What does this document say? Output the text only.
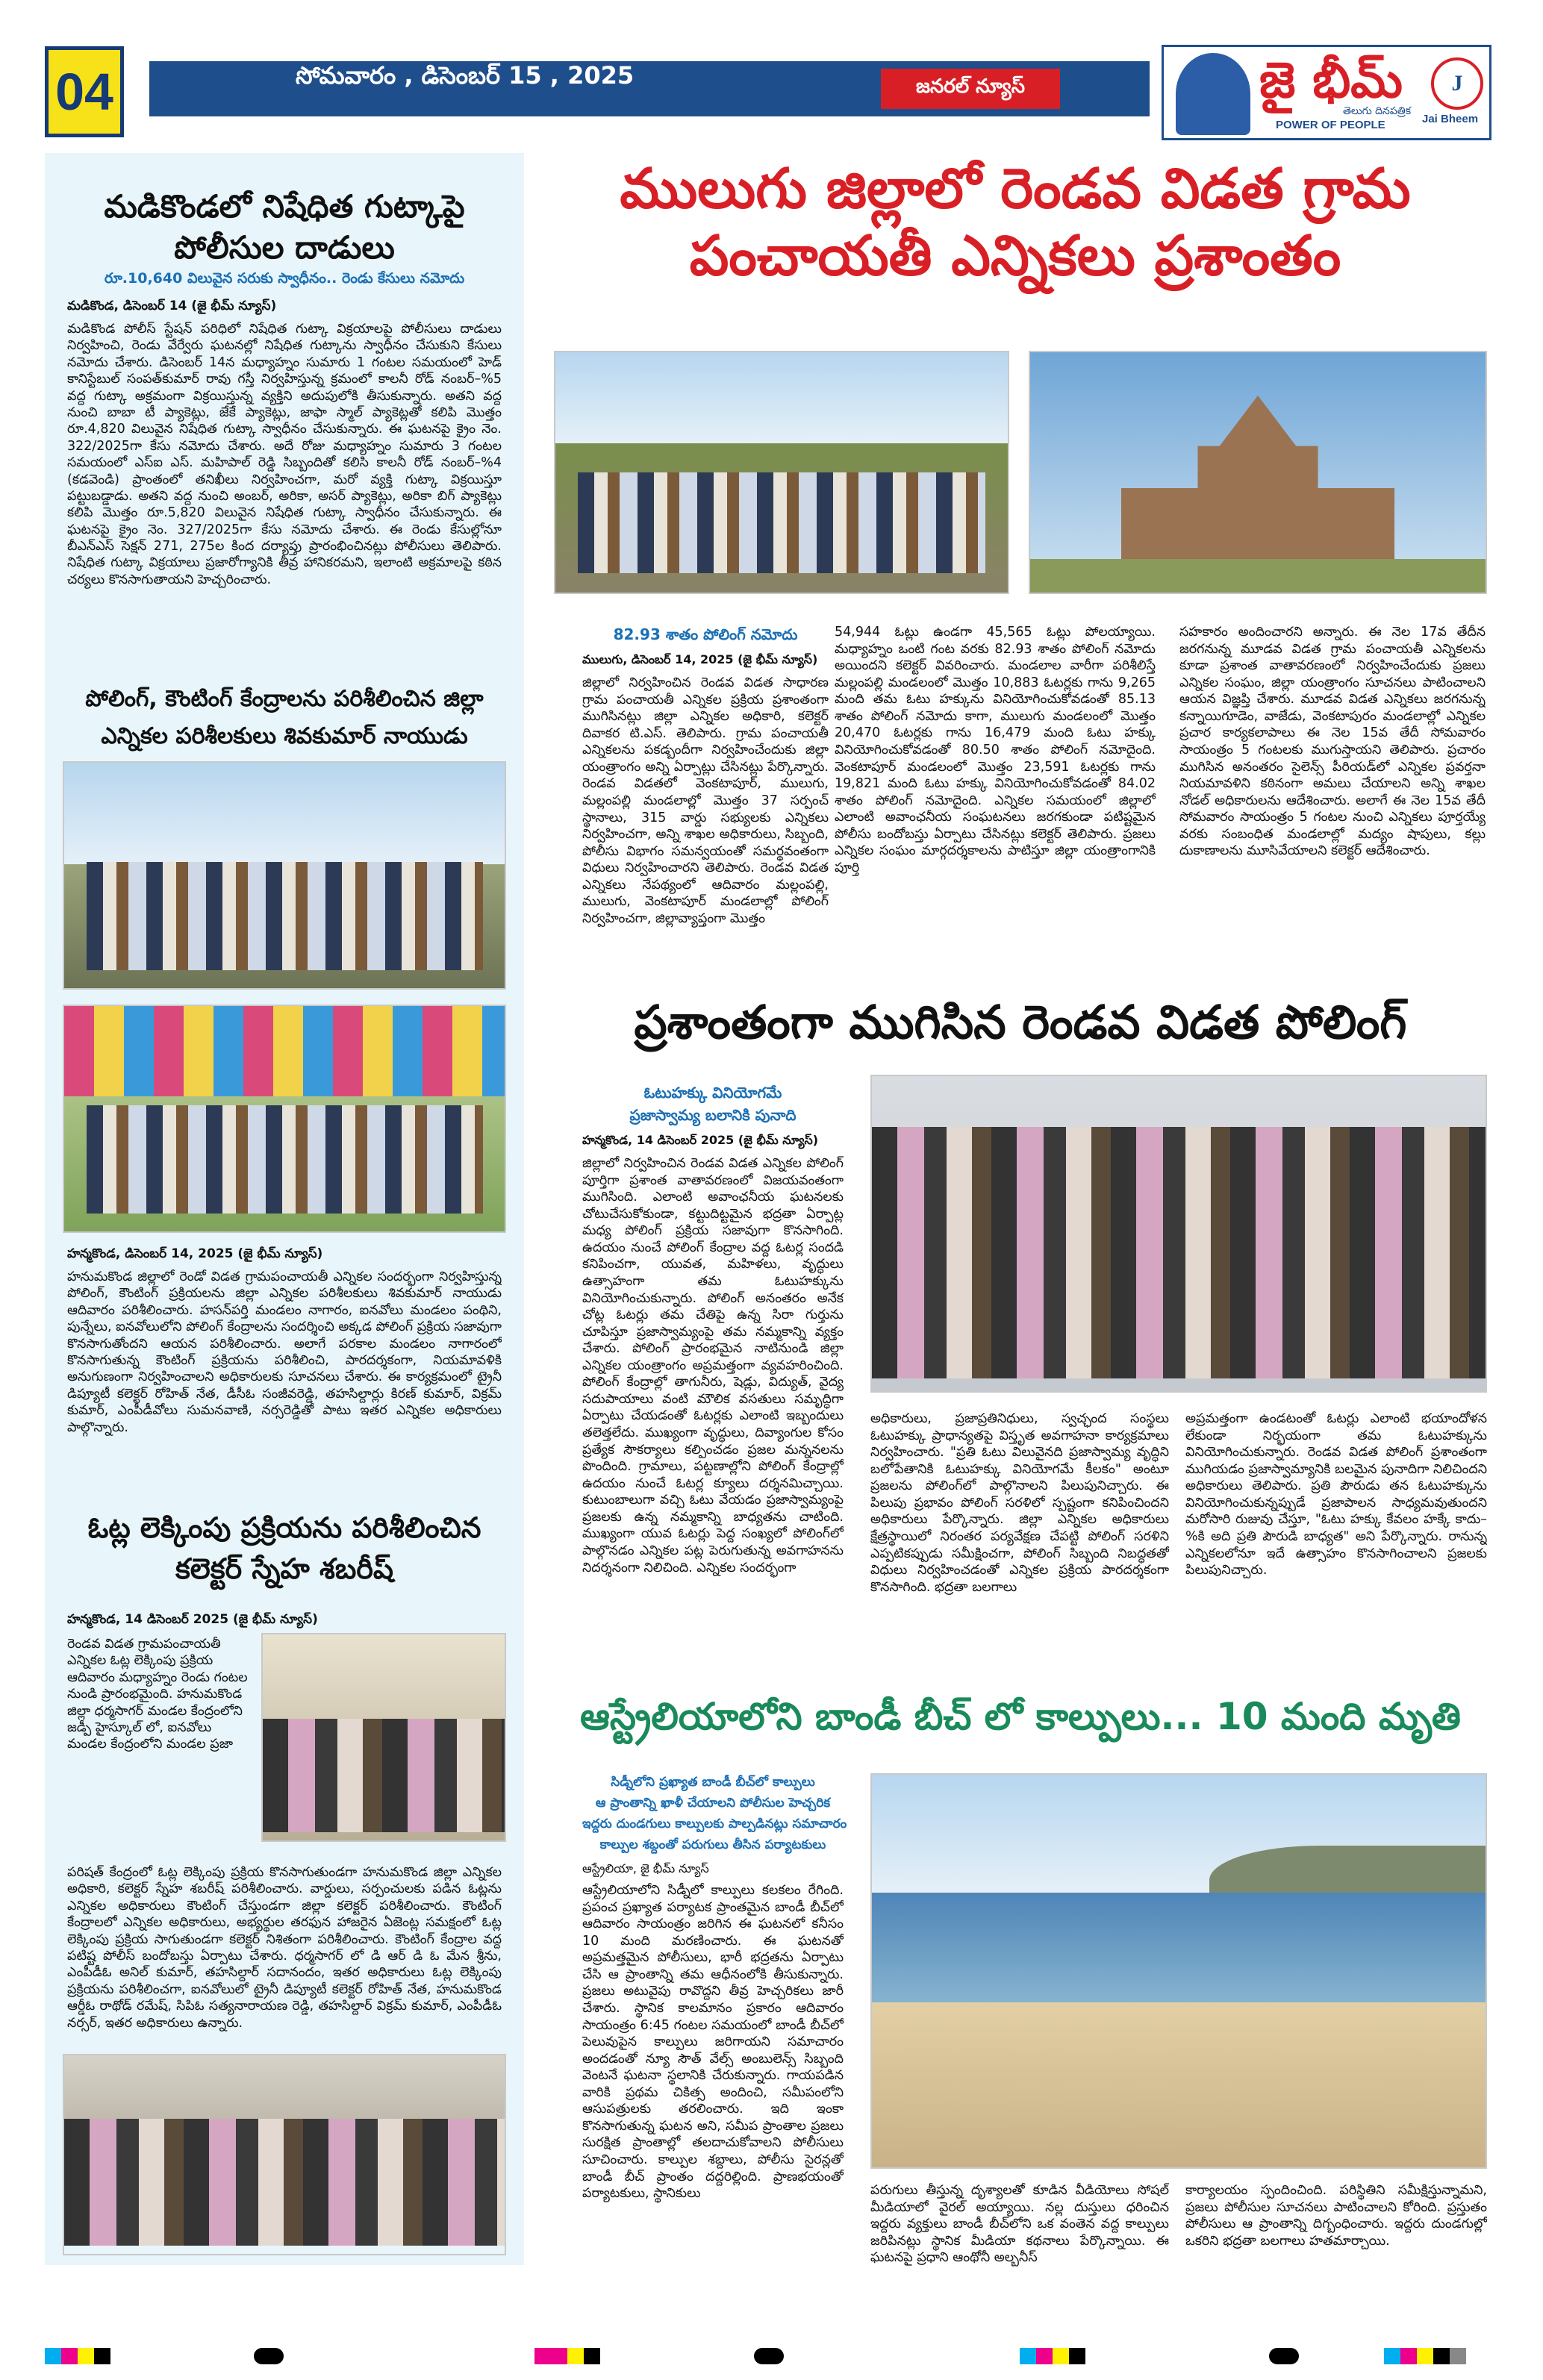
04	సోమవారం , డిసెంబర్ 15 , 2025	జనరల్ న్యూస్	జై భీమ్
తెలుగు దినపత్రిక
POWER OF PEOPLE
J
Jai Bheem
మడికొండలో నిషేధిత గుట్కాపై పోలీసుల దాడులు
రూ.10,640 విలువైన సరుకు స్వాధీనం.. రెండు కేసులు నమోదు
మడికొండ, డిసెంబర్ 14 (జై భీమ్ న్యూస్)
మడికొండ పోలీస్ స్టేషన్ పరిధిలో నిషేధిత గుట్కా విక్రయాలపై పోలీసులు దాడులు నిర్వహించి, రెండు వేర్వేరు ఘటనల్లో నిషేధిత గుట్కాను స్వాధీనం చేసుకుని కేసులు నమోదు చేశారు. డిసెంబర్ 14న మధ్యాహ్నం సుమారు 1 గంటల సమయంలో హెడ్ కానిస్టేబుల్ సంపత్‌కుమార్ రావు గస్తీ నిర్వహిస్తున్న క్రమంలో కాలనీ రోడ్ నంబర్–%5 వద్ద గుట్కా అక్రమంగా విక్రయిస్తున్న వ్యక్తిని అదుపులోకి తీసుకున్నారు. అతని వద్ద నుంచి బాబా టీ ప్యాకెట్లు, జేకే ప్యాకెట్లు, జాఫా స్మాల్ ప్యాకెట్లతో కలిపి మొత్తం రూ.4,820 విలువైన నిషేధిత గుట్కా స్వాధీనం చేసుకున్నారు. ఈ ఘటనపై క్రైం నెం. 322/2025గా కేసు నమోదు చేశారు. అదే రోజు మధ్యాహ్నం సుమారు 3 గంటల సమయంలో ఎస్ఐ ఎస్. మహిపాల్ రెడ్డి సిబ్బందితో కలిసి కాలనీ రోడ్ నంబర్–%4 (కడవెండి) ప్రాంతంలో తనిఖీలు నిర్వహించగా, మరో వ్యక్తి గుట్కా విక్రయిస్తూ పట్టుబడ్డాడు. అతని వద్ద నుంచి అంబర్, అరికా, అసర్ ప్యాకెట్లు, అరికా బిగ్ ప్యాకెట్లు కలిపి మొత్తం రూ.5,820 విలువైన నిషేధిత గుట్కా స్వాధీనం చేసుకున్నారు. ఈ ఘటనపై క్రైం నెం. 327/2025గా కేసు నమోదు చేశారు. ఈ రెండు కేసుల్లోనూ బీఎన్ఎస్ సెక్షన్ 271, 275ల కింద దర్యాప్తు ప్రారంభించినట్లు పోలీసులు తెలిపారు. నిషేధిత గుట్కా విక్రయాలు ప్రజారోగ్యానికి తీవ్ర హానికరమని, ఇలాంటి అక్రమాలపై కఠిన చర్యలు కొనసాగుతాయని హెచ్చరించారు.
పోలింగ్, కౌంటింగ్ కేంద్రాలను పరిశీలించిన జిల్లా ఎన్నికల పరిశీలకులు శివకుమార్ నాయుడు
హన్మకొండ, డిసెంబర్ 14, 2025 (జై భీమ్ న్యూస్)
హనుమకొండ జిల్లాలో రెండో విడత గ్రామపంచాయతీ ఎన్నికల సందర్భంగా నిర్వహిస్తున్న పోలింగ్, కౌంటింగ్ ప్రక్రియలను జిల్లా ఎన్నికల పరిశీలకులు శివకుమార్ నాయుడు ఆదివారం పరిశీలించారు. హసన్‌పర్తి మండలం నాగారం, ఐనవోలు మండలం పంథిని, పున్నేలు, ఐనవోలులోని పోలింగ్ కేంద్రాలను సందర్శించి అక్కడ పోలింగ్ ప్రక్రియ సజావుగా కొనసాగుతోందని ఆయన పరిశీలించారు. అలాగే పరకాల మండలం నాగారంలో కొనసాగుతున్న కౌంటింగ్ ప్రక్రియను పరిశీలించి, పారదర్శకంగా, నియమావళికి అనుగుణంగా నిర్వహించాలని అధికారులకు సూచనలు చేశారు. ఈ కార్యక్రమంలో ట్రైనీ డిప్యూటీ కలెక్టర్ రోహిత్ నేత, డీసీఓ సంజీవరెడ్డి, తహసిల్దార్లు కిరణ్ కుమార్, విక్రమ్ కుమార్, ఎంపీడీవోలు సుమనవాణి, నర్సరెడ్డితో పాటు ఇతర ఎన్నికల అధికారులు పాల్గొన్నారు.
ఓట్ల లెక్కింపు ప్రక్రియను పరిశీలించిన కలెక్టర్ స్నేహ శబరీష్
హన్మకొండ, 14 డిసెంబర్ 2025 (జై భీమ్ న్యూస్)
రెండవ విడత గ్రామపంచాయతీ ఎన్నికల ఓట్ల లెక్కింపు ప్రక్రియ ఆదివారం మధ్యాహ్నం రెండు గంటల నుండి ప్రారంభమైంది. హనుమకొండ జిల్లా ధర్మసాగర్ మండల కేంద్రంలోని జడ్పీ హైస్కూల్ లో, ఐనవోలు మండల కేంద్రంలోని మండల ప్రజా
పరిషత్ కేంద్రంలో ఓట్ల లెక్కింపు ప్రక్రియ కొనసాగుతుండగా హనుమకొండ జిల్లా ఎన్నికల అధికారి, కలెక్టర్ స్నేహ శబరీష్ పరిశీలించారు. వార్డులు, సర్పంచులకు పడిన ఓట్లను ఎన్నికల అధికారులు కౌంటింగ్ చేస్తుండగా జిల్లా కలెక్టర్ పరిశీలించారు. కౌంటింగ్ కేంద్రాలలో ఎన్నికల అధికారులు, అభ్యర్థుల తరఫున హాజరైన ఏజెంట్ల సమక్షంలో ఓట్ల లెక్కింపు ప్రక్రియ సాగుతుండగా కలెక్టర్ నిశితంగా పరిశీలించారు. కౌంటింగ్ కేంద్రాల వద్ద పటిష్ట పోలీస్ బందోబస్తు ఏర్పాటు చేశారు. ధర్మసాగర్ లో డి ఆర్ డి ఓ మేన శ్రీను, ఎంపీడీఓ అనిల్ కుమార్, తహసిల్దార్ సదానందం, ఇతర అధికారులు ఓట్ల లెక్కింపు ప్రక్రియను పరిశీలించగా, ఐనవోలులో ట్రైనీ డిప్యూటీ కలెక్టర్ రోహిత్ నేత, హనుమకొండ ఆర్డీఓ రాథోడ్ రమేష్, సిపిఓ సత్యనారాయణ రెడ్డి, తహసిల్దార్ విక్రమ్ కుమార్, ఎంపీడీఓ నర్సర్, ఇతర అధికారులు ఉన్నారు.
ములుగు జిల్లాలో రెండవ విడత గ్రామ పంచాయతీ ఎన్నికలు ప్రశాంతం
82.93 శాతం పోలింగ్ నమోదు
ములుగు, డిసెంబర్ 14, 2025 (జై భీమ్ న్యూస్)
జిల్లాలో నిర్వహించిన రెండవ విడత సాధారణ గ్రామ పంచాయతీ ఎన్నికల ప్రక్రియ ప్రశాంతంగా ముగిసినట్లు జిల్లా ఎన్నికల అధికారి, కలెక్టర్ దివాకర టి.ఎస్. తెలిపారు. గ్రామ పంచాయతీ ఎన్నికలను పకడ్బందీగా నిర్వహించేందుకు జిల్లా యంత్రాంగం అన్ని ఏర్పాట్లు చేసినట్లు పేర్కొన్నారు. రెండవ విడతలో వెంకటాపూర్, ములుగు, మల్లంపల్లి మండలాల్లో మొత్తం 37 సర్పంచ్ స్థానాలు, 315 వార్డు సభ్యులకు ఎన్నికలు నిర్వహించగా, అన్ని శాఖల అధికారులు, సిబ్బంది, పోలీసు విభాగం సమన్వయంతో సమర్థవంతంగా విధులు నిర్వహించారని తెలిపారు. రెండవ విడత ఎన్నికలు నేపథ్యంలో ఆదివారం మల్లంపల్లి, ములుగు, వెంకటాపూర్ మండలాల్లో పోలింగ్ నిర్వహించగా, జిల్లావ్యాప్తంగా మొత్తం
54,944 ఓట్లు ఉండగా 45,565 ఓట్లు పోలయ్యాయి. మధ్యాహ్నం ఒంటి గంట వరకు 82.93 శాతం పోలింగ్ నమోదు అయిందని కలెక్టర్ వివరించారు. మండలాల వారీగా పరిశీలిస్తే మల్లంపల్లి మండలంలో మొత్తం 10,883 ఓటర్లకు గాను 9,265 మంది తమ ఓటు హక్కును వినియోగించుకోవడంతో 85.13 శాతం పోలింగ్ నమోదు కాగా, ములుగు మండలంలో మొత్తం 20,470 ఓటర్లకు గాను 16,479 మంది ఓటు హక్కు వినియోగించుకోవడంతో 80.50 శాతం పోలింగ్ నమోదైంది. వెంకటాపూర్ మండలంలో మొత్తం 23,591 ఓటర్లకు గాను 19,821 మంది ఓటు హక్కు వినియోగించుకోవడంతో 84.02 శాతం పోలింగ్ నమోదైంది. ఎన్నికల సమయంలో జిల్లాలో ఎలాంటి అవాంఛనీయ సంఘటనలు జరగకుండా పటిష్టమైన పోలీసు బందోబస్తు ఏర్పాటు చేసినట్లు కలెక్టర్ తెలిపారు. ప్రజలు ఎన్నికల సంఘం మార్గదర్శకాలను పాటిస్తూ జిల్లా యంత్రాంగానికి పూర్తి
సహకారం అందించారని అన్నారు. ఈ నెల 17వ తేదీన జరగనున్న మూడవ విడత గ్రామ పంచాయతీ ఎన్నికలను కూడా ప్రశాంత వాతావరణంలో నిర్వహించేందుకు ప్రజలు ఎన్నికల సంఘం, జిల్లా యంత్రాంగం సూచనలు పాటించాలని ఆయన విజ్ఞప్తి చేశారు. మూడవ విడత ఎన్నికలు జరగనున్న కన్నాయిగూడెం, వాజేడు, వెంకటాపురం మండలాల్లో ఎన్నికల ప్రచార కార్యకలాపాలు ఈ నెల 15వ తేదీ సోమవారం సాయంత్రం 5 గంటలకు ముగుస్తాయని తెలిపారు. ప్రచారం ముగిసిన అనంతరం సైలెన్స్ పీరియడ్‌లో ఎన్నికల ప్రవర్తనా నియమావళిని కఠినంగా అమలు చేయాలని అన్ని శాఖల నోడల్ అధికారులను ఆదేశించారు. అలాగే ఈ నెల 15వ తేదీ సోమవారం సాయంత్రం 5 గంటల నుంచి ఎన్నికలు పూర్తయ్యే వరకు సంబంధిత మండలాల్లో మద్యం షాపులు, కల్లు దుకాణాలను మూసివేయాలని కలెక్టర్ ఆదేశించారు.
ప్రశాంతంగా ముగిసిన రెండవ విడత పోలింగ్
ఓటుహక్కు వినియోగమే
ప్రజాస్వామ్య బలానికి పునాది
హన్మకొండ, 14 డిసెంబర్ 2025 (జై భీమ్ న్యూస్)
జిల్లాలో నిర్వహించిన రెండవ విడత ఎన్నికల పోలింగ్ పూర్తిగా ప్రశాంత వాతావరణంలో విజయవంతంగా ముగిసింది. ఎలాంటి అవాంఛనీయ ఘటనలకు చోటుచేసుకోకుండా, కట్టుదిట్టమైన భద్రతా ఏర్పాట్ల మధ్య పోలింగ్ ప్రక్రియ సజావుగా కొనసాగింది. ఉదయం నుంచే పోలింగ్ కేంద్రాల వద్ద ఓటర్ల సందడి కనిపించగా, యువత, మహిళలు, వృద్ధులు ఉత్సాహంగా తమ ఓటుహక్కును వినియోగించుకున్నారు. పోలింగ్ అనంతరం అనేక చోట్ల ఓటర్లు తమ చేతిపై ఉన్న సిరా గుర్తును చూపిస్తూ ప్రజాస్వామ్యంపై తమ నమ్మకాన్ని వ్యక్తం చేశారు. పోలింగ్ ప్రారంభమైన నాటినుండి జిల్లా ఎన్నికల యంత్రాంగం అప్రమత్తంగా వ్యవహరించింది. పోలింగ్ కేంద్రాల్లో తాగునీరు, షెడ్లు, విద్యుత్, వైద్య సదుపాయాలు వంటి మౌలిక వసతులు సమృద్ధిగా ఏర్పాటు చేయడంతో ఓటర్లకు ఎలాంటి ఇబ్బందులు తలెత్తలేదు. ముఖ్యంగా వృద్ధులు, దివ్యాంగుల కోసం ప్రత్యేక సౌకర్యాలు కల్పించడం ప్రజల మన్ననలను పొందింది. గ్రామాలు, పట్టణాల్లోని పోలింగ్ కేంద్రాల్లో ఉదయం నుంచే ఓటర్ల క్యూలు దర్శనమిచ్చాయి. కుటుంబాలుగా వచ్చి ఓటు వేయడం ప్రజాస్వామ్యంపై ప్రజలకు ఉన్న నమ్మకాన్ని బాధ్యతను చాటింది. ముఖ్యంగా యువ ఓటర్లు పెద్ద సంఖ్యలో పోలింగ్‌లో పాల్గొనడం ఎన్నికల పట్ల పెరుగుతున్న అవగాహనను నిదర్శనంగా నిలిచింది. ఎన్నికల సందర్భంగా
అధికారులు, ప్రజాప్రతినిధులు, స్వచ్ఛంద సంస్థలు ఓటుహక్కు ప్రాధాన్యతపై విస్తృత అవగాహనా కార్యక్రమాలు నిర్వహించారు. "ప్రతి ఓటు విలువైనది ప్రజాస్వామ్య వృద్ధిని బలోపేతానికి ఓటుహక్కు వినియోగమే కీలకం" అంటూ ప్రజలను పోలింగ్‌లో పాల్గొనాలని పిలుపునిచ్చారు. ఈ పిలుపు ప్రభావం పోలింగ్ సరళిలో స్పష్టంగా కనిపించిందని అధికారులు పేర్కొన్నారు. జిల్లా ఎన్నికల అధికారులు క్షేత్రస్థాయిలో నిరంతర పర్యవేక్షణ చేపట్టి పోలింగ్ సరళిని ఎప్పటికప్పుడు సమీక్షించగా, పోలింగ్ సిబ్బంది నిబద్ధతతో విధులు నిర్వహించడంతో ఎన్నికల ప్రక్రియ పారదర్శకంగా కొనసాగింది. భద్రతా బలగాలు
అప్రమత్తంగా ఉండటంతో ఓటర్లు ఎలాంటి భయాందోళన లేకుండా నిర్భయంగా తమ ఓటుహక్కును వినియోగించుకున్నారు. రెండవ విడత పోలింగ్ ప్రశాంతంగా ముగియడం ప్రజాస్వామ్యానికి బలమైన పునాదిగా నిలిచిందని అధికారులు తెలిపారు. ప్రతి పౌరుడు తన ఓటుహక్కును వినియోగించుకున్నప్పుడే ప్రజాపాలన సాధ్యమవుతుందని మరోసారి రుజువు చేస్తూ, "ఓటు హక్కు కేవలం హక్కే కాదు–%కి అది ప్రతి పౌరుడి బాధ్యత" అని పేర్కొన్నారు. రానున్న ఎన్నికలలోనూ ఇదే ఉత్సాహం కొనసాగించాలని ప్రజలకు పిలుపునిచ్చారు.
ఆస్ట్రేలియాలోని బాండీ బీచ్ లో కాల్పులు... 10 మంది మృతి
సిడ్నీలోని ప్రఖ్యాత బాండీ బీచ్‌లో కాల్పులు
ఆ ప్రాంతాన్ని ఖాళీ చేయాలని పోలీసుల హెచ్చరిక
ఇద్దరు దుండగులు కాల్పులకు పాల్పడినట్లు సమాచారం
కాల్పుల శబ్దంతో పరుగులు తీసిన పర్యాటకులు
ఆస్ట్రేలియా, జై భీమ్ న్యూస్
ఆస్ట్రేలియాలోని సిడ్నీలో కాల్పులు కలకలం రేగింది. ప్రపంచ ప్రఖ్యాత పర్యాటక ప్రాంతమైన బాండీ బీచ్‌లో ఆదివారం సాయంత్రం జరిగిన ఈ ఘటనలో కనీసం 10 మంది మరణించారు. ఈ ఘటనతో అప్రమత్తమైన పోలీసులు, భారీ భద్రతను ఏర్పాటు చేసి ఆ ప్రాంతాన్ని తమ ఆధీనంలోకి తీసుకున్నారు. ప్రజలు అటువైపు రావొద్దని తీవ్ర హెచ్చరికలు జారీ చేశారు. స్థానిక కాలమానం ప్రకారం ఆదివారం సాయంత్రం 6:45 గంటల సమయంలో బాండీ బీచ్‌లో పెలువుపైన కాల్పులు జరిగాయని సమాచారం అందడంతో న్యూ సౌత్ వేల్స్ అంబులెన్స్ సిబ్బంది వెంటనే ఘటనా స్థలానికి చేరుకున్నారు. గాయపడిన వారికి ప్రథమ చికిత్స అందించి, సమీపంలోని ఆసుపత్రులకు తరలించారు. ఇది ఇంకా కొనసాగుతున్న ఘటన అని, సమీప ప్రాంతాల ప్రజలు సురక్షిత ప్రాంతాల్లో తలదాచుకోవాలని పోలీసులు సూచించారు. కాల్పుల శబ్దాలు, పోలీసు సైరన్లతో బాండీ బీచ్ ప్రాంతం దద్దరిల్లింది. ప్రాణభయంతో పర్యాటకులు, స్థానికులు	పరుగులు తీస్తున్న దృశ్యాలతో కూడిన వీడియోలు సోషల్ మీడియాలో వైరల్ అయ్యాయి. నల్ల దుస్తులు ధరించిన ఇద్దరు వ్యక్తులు బాండీ బీచ్‌లోని ఒక వంతెన వద్ద కాల్పులు జరిపినట్లు స్థానిక మీడియా కథనాలు పేర్కొన్నాయి. ఈ ఘటనపై ప్రధాని ఆంథోనీ అల్బనీస్
కార్యాలయం స్పందించింది. పరిస్థితిని సమీక్షిస్తున్నామని, ప్రజలు పోలీసుల సూచనలు పాటించాలని కోరింది. ప్రస్తుతం పోలీసులు ఆ ప్రాంతాన్ని దిగ్బంధించారు. ఇద్దరు దుండగుల్లో ఒకరిని భద్రతా బలగాలు హతమార్చాయి.
